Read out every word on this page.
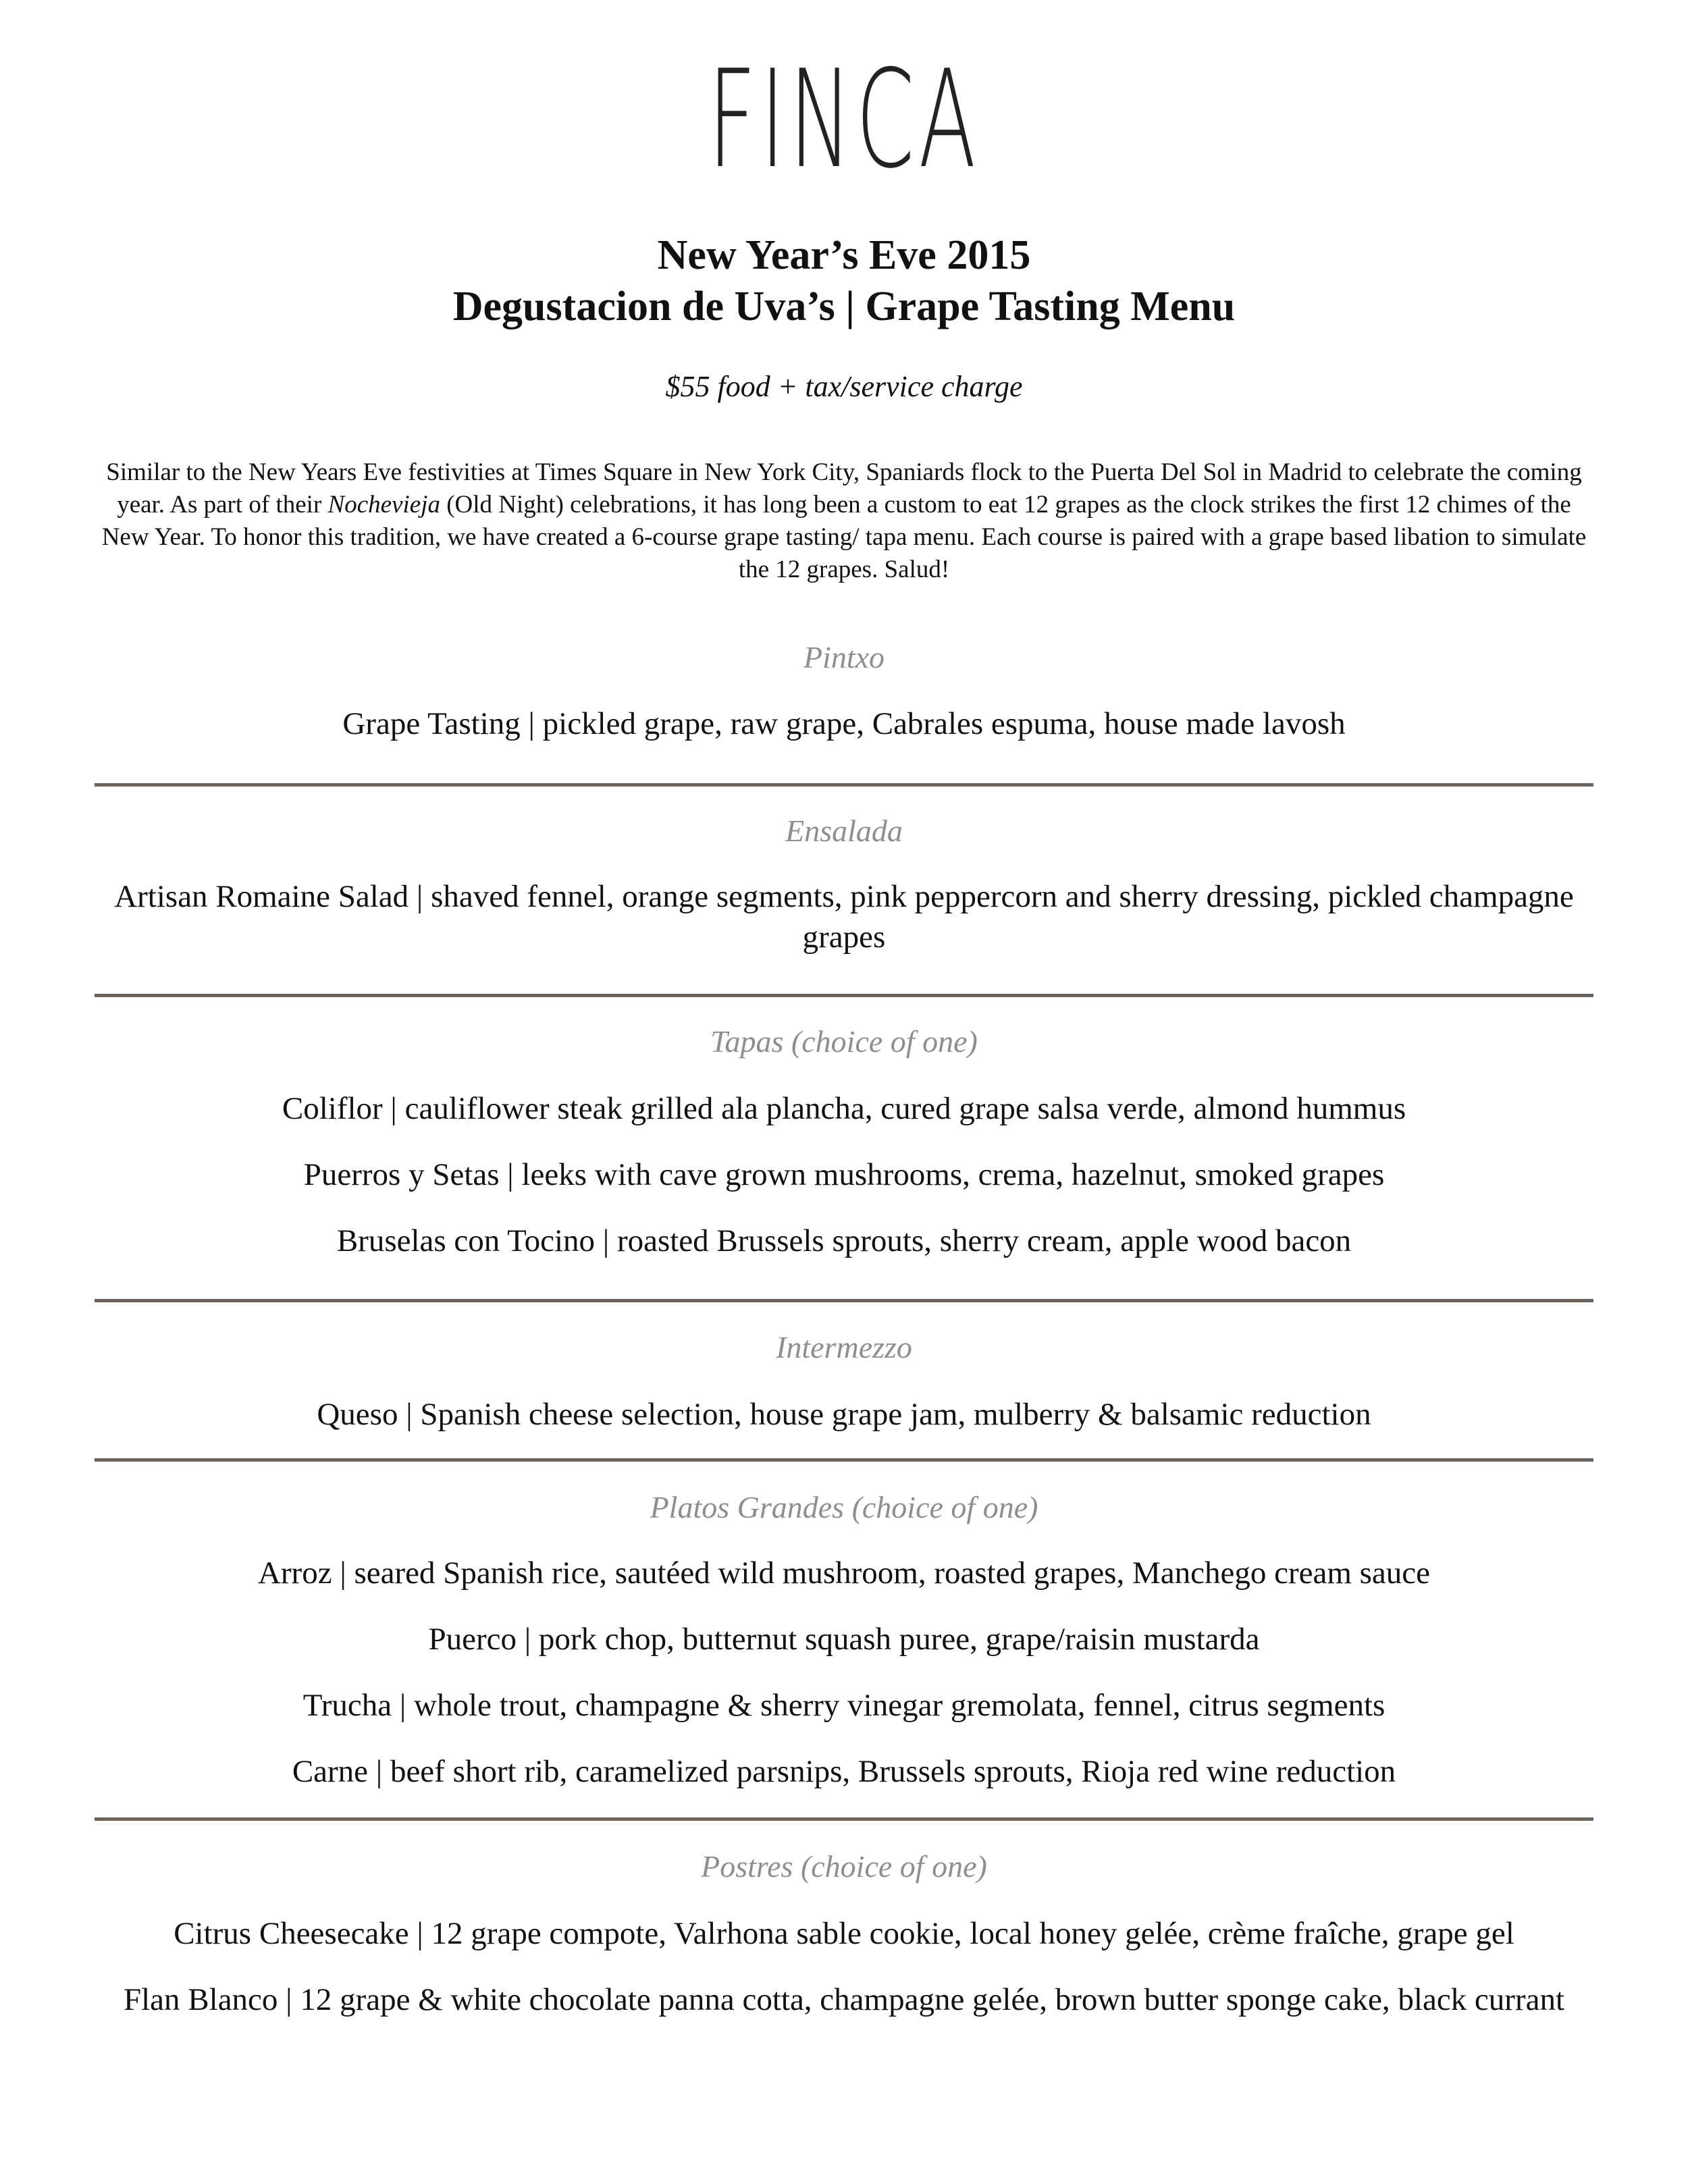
FINCA
New Year’s Eve 2015
Degustacion de Uva’s | Grape Tasting Menu
$55 food + tax/service charge
Similar to the New Years Eve festivities at Times Square in New York City, Spaniards flock to the Puerta Del Sol in Madrid to celebrate the coming year. As part of their Nochevieja (Old Night) celebrations, it has long been a custom to eat 12 grapes as the clock strikes the first 12 chimes of the New Year. To honor this tradition, we have created a 6-course grape tasting/ tapa menu. Each course is paired with a grape based libation to simulate the 12 grapes. Salud!
Pintxo
Grape Tasting | pickled grape, raw grape, Cabrales espuma, house made lavosh
Ensalada
Artisan Romaine Salad | shaved fennel, orange segments, pink peppercorn and sherry dressing, pickled champagne grapes
Tapas (choice of one)
Coliflor | cauliflower steak grilled ala plancha, cured grape salsa verde, almond hummus
Puerros y Setas | leeks with cave grown mushrooms, crema, hazelnut, smoked grapes
Bruselas con Tocino | roasted Brussels sprouts, sherry cream, apple wood bacon
Intermezzo
Queso | Spanish cheese selection, house grape jam, mulberry & balsamic reduction
Platos Grandes (choice of one)
Arroz | seared Spanish rice, sautéed wild mushroom, roasted grapes, Manchego cream sauce
Puerco | pork chop, butternut squash puree, grape/raisin mustarda
Trucha | whole trout, champagne & sherry vinegar gremolata, fennel, citrus segments
Carne | beef short rib, caramelized parsnips, Brussels sprouts, Rioja red wine reduction
Postres (choice of one)
Citrus Cheesecake | 12 grape compote, Valrhona sable cookie, local honey gelée, crème fraîche, grape gel
Flan Blanco | 12 grape & white chocolate panna cotta, champagne gelée, brown butter sponge cake, black currant
